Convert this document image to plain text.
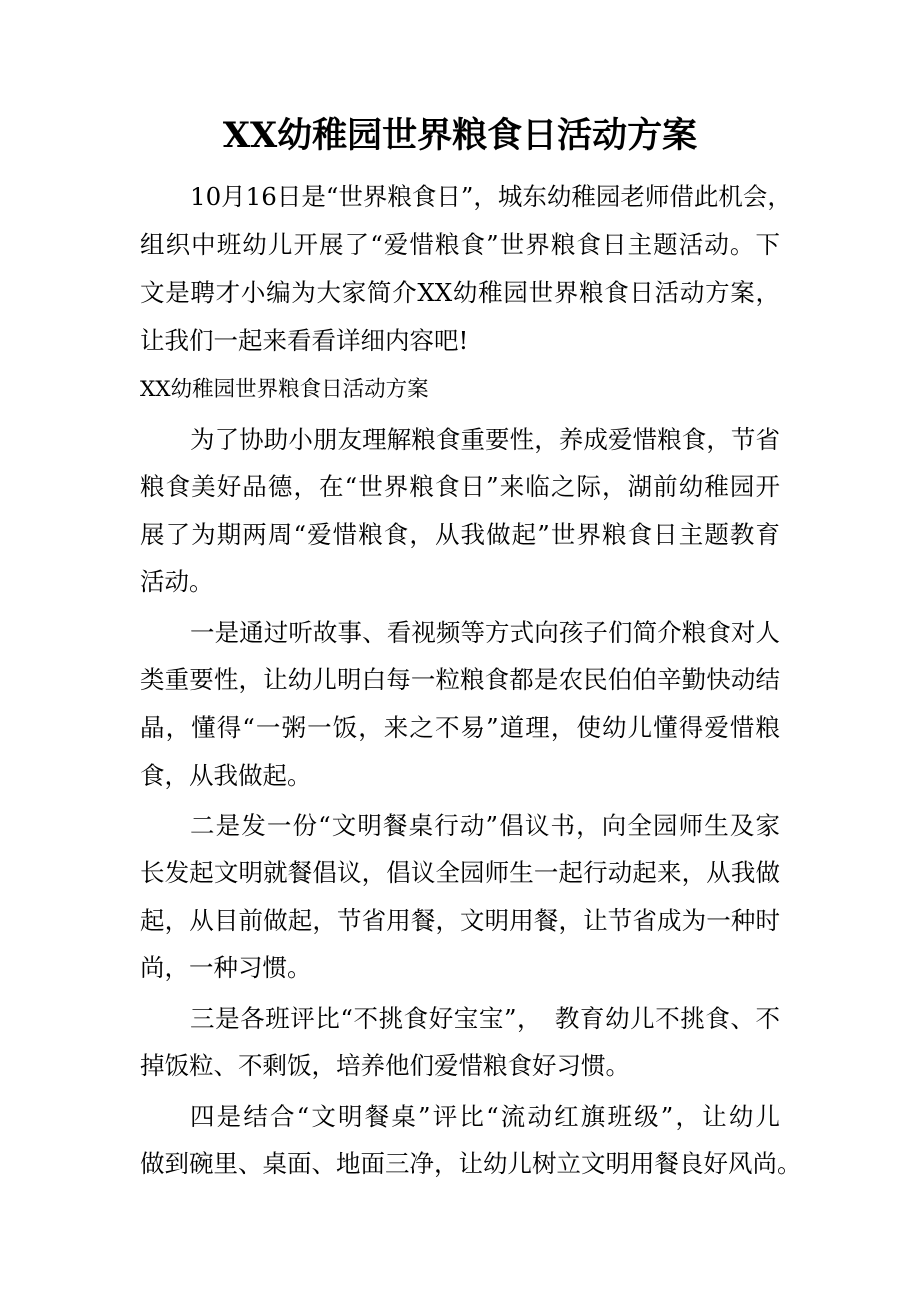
XX幼稚园世界粮食日活动方案
10月16日是“世界粮食日”，城东幼稚园老师借此机会，
组织中班幼儿开展了“爱惜粮食”世界粮食日主题活动。下
文是聘才小编为大家简介XX幼稚园世界粮食日活动方案，
让我们一起来看看详细内容吧!
XX幼稚园世界粮食日活动方案
为了协助小朋友理解粮食重要性，养成爱惜粮食，节省
粮食美好品德，在“世界粮食日”来临之际，湖前幼稚园开
展了为期两周“爱惜粮食，从我做起”世界粮食日主题教育
活动。
一是通过听故事、看视频等方式向孩子们简介粮食对人
类重要性，让幼儿明白每一粒粮食都是农民伯伯辛勤快动结
晶，懂得“一粥一饭，来之不易”道理，使幼儿懂得爱惜粮
食，从我做起。
二是发一份“文明餐桌行动”倡议书，向全园师生及家
长发起文明就餐倡议，倡议全园师生一起行动起来，从我做
起，从目前做起，节省用餐，文明用餐，让节省成为一种时
尚，一种习惯。
三是各班评比“不挑食好宝宝”，　教育幼儿不挑食、不
掉饭粒、不剩饭，培养他们爱惜粮食好习惯。
四是结合“文明餐桌”评比“流动红旗班级”，让幼儿
做到碗里、桌面、地面三净，让幼儿树立文明用餐良好风尚。
